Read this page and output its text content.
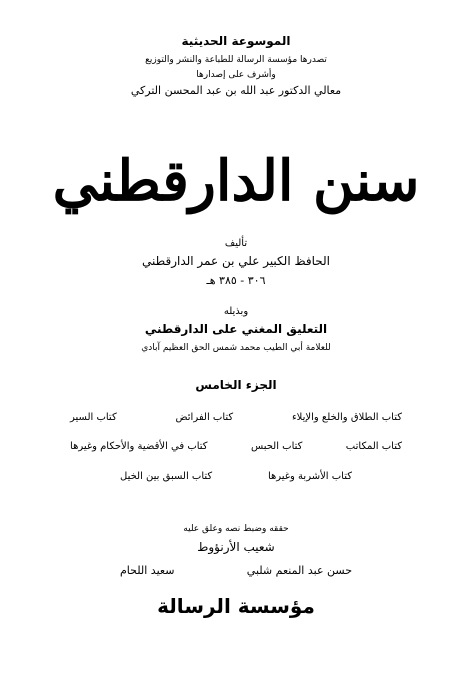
الموسوعة الحديثية
تصدرها مؤسسة الرسالة للطباعة والنشر والتوزيع
وأشرف على إصدارها
معالي الدكتور عبد الله بن عبد المحسن التركي
سنن الدارقطني
تأليف
الحافظ الكبير علي بن عمر الدارقطني
٣٠٦ - ٣٨٥ هـ
وبذيله
التعليق المغني على الدارقطني
للعلامة أبي الطيب محمد شمس الحق العظيم آبادي
الجزء الخامس
كتاب الطلاق والخلع والإيلاء
كتاب الفرائض
كتاب السير
كتاب المكاتب
كتاب الحبس
كتاب في الأقضية والأحكام وغيرها
كتاب الأشربة وغيرها
كتاب السبق بين الخيل
حققه وضبط نصه وعلق عليه
شعيب الأرنؤوط
حسن عبد المنعم شلبي
سعيد اللحام
مؤسسة الرسالة
